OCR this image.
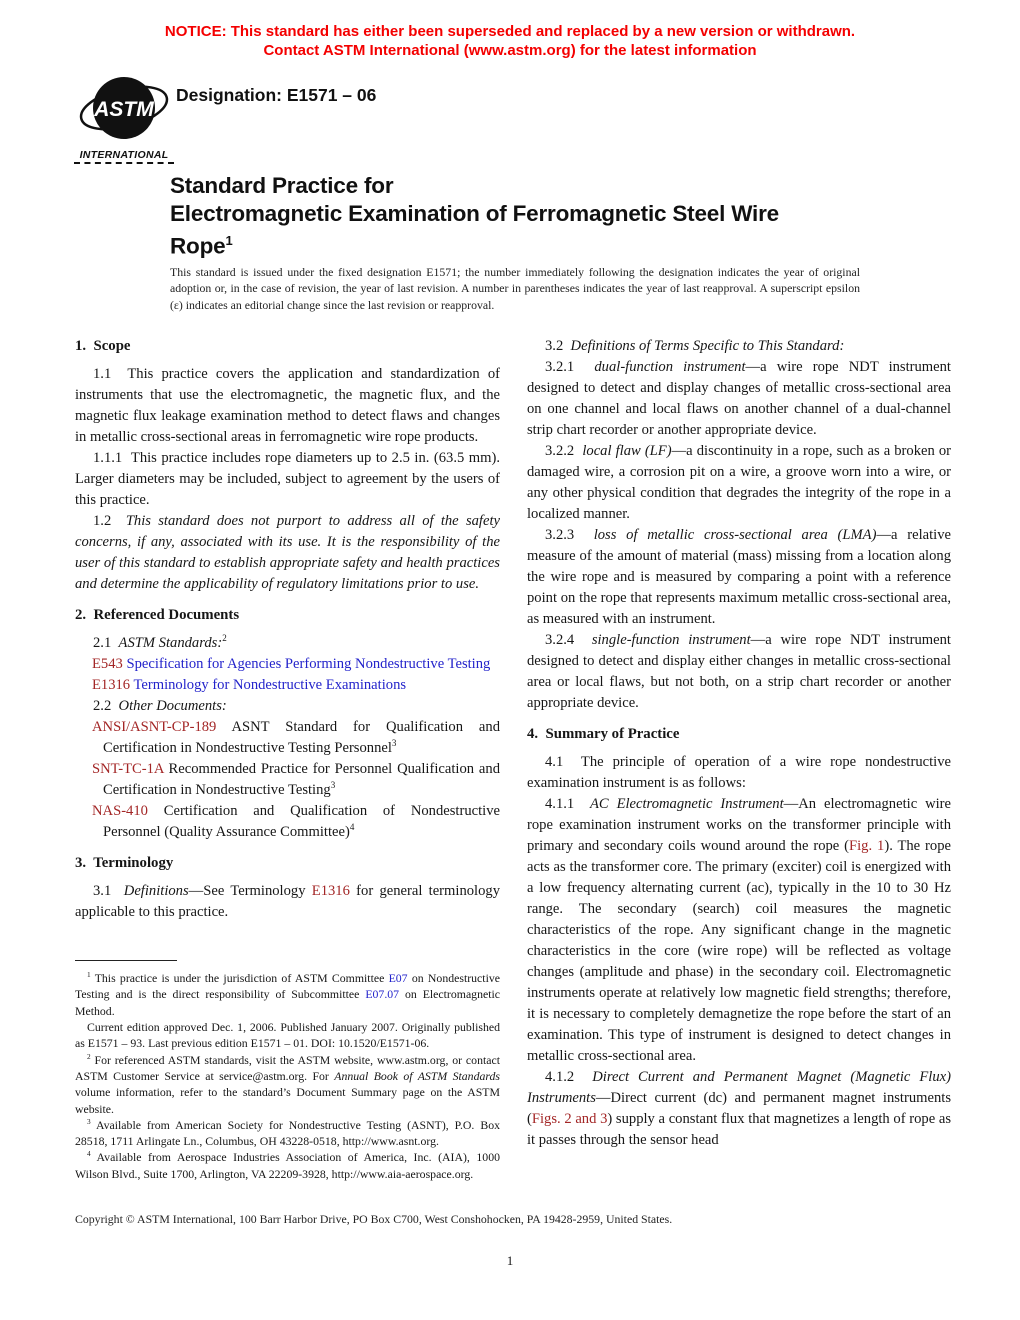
NOTICE: This standard has either been superseded and replaced by a new version or withdrawn.
Contact ASTM International (www.astm.org) for the latest information
ASTM
INTERNATIONAL
Designation: E1571 – 06
Standard Practice for
Electromagnetic Examination of Ferromagnetic Steel Wire
Rope$^1$
This standard is issued under the fixed designation E1571; the number immediately following the designation indicates the year of original adoption or, in the case of revision, the year of last revision. A number in parentheses indicates the year of last reapproval. A superscript epsilon (ε) indicates an editorial change since the last revision or reapproval.
1.  Scope

1.1  This practice covers the application and standardization of instruments that use the electromagnetic, the magnetic flux, and the magnetic flux leakage examination method to detect flaws and changes in metallic cross-sectional areas in ferromagnetic wire rope products.

1.1.1  This practice includes rope diameters up to 2.5 in. (63.5 mm). Larger diameters may be included, subject to agreement by the users of this practice.

1.2  This standard does not purport to address all of the safety concerns, if any, associated with its use. It is the responsibility of the user of this standard to establish appropriate safety and health practices and determine the applicability of regulatory limitations prior to use.

2.  Referenced Documents

2.1  ASTM Standards:$^2$

E543 Specification for Agencies Performing Nondestructive Testing

E1316 Terminology for Nondestructive Examinations

2.2  Other Documents:

ANSI/ASNT-CP-189 ASNT Standard for Qualification and Certification in Nondestructive Testing Personnel$^3$

SNT-TC-1A Recommended Practice for Personnel Qualification and Certification in Nondestructive Testing$^3$

NAS-410 Certification and Qualification of Nondestructive Personnel (Quality Assurance Committee)$^4$

3.  Terminology

3.1  Definitions—See Terminology E1316 for general terminology applicable to this practice.

$^1$ This practice is under the jurisdiction of ASTM Committee E07 on Nondestructive Testing and is the direct responsibility of Subcommittee E07.07 on Electromagnetic Method.

Current edition approved Dec. 1, 2006. Published January 2007. Originally published as E1571 – 93. Last previous edition E1571 – 01. DOI: 10.1520/E1571-06.

$^2$ For referenced ASTM standards, visit the ASTM website, www.astm.org, or contact ASTM Customer Service at service@astm.org. For Annual Book of ASTM Standards volume information, refer to the standard’s Document Summary page on the ASTM website.

$^3$ Available from American Society for Nondestructive Testing (ASNT), P.O. Box 28518, 1711 Arlingate Ln., Columbus, OH 43228-0518, http://www.asnt.org.

$^4$ Available from Aerospace Industries Association of America, Inc. (AIA), 1000 Wilson Blvd., Suite 1700, Arlington, VA 22209-3928, http://www.aia-aerospace.org.

3.2  Definitions of Terms Specific to This Standard:

3.2.1  dual-function instrument—a wire rope NDT instrument designed to detect and display changes of metallic cross-sectional area on one channel and local flaws on another channel of a dual-channel strip chart recorder or another appropriate device.

3.2.2  local flaw (LF)—a discontinuity in a rope, such as a broken or damaged wire, a corrosion pit on a wire, a groove worn into a wire, or any other physical condition that degrades the integrity of the rope in a localized manner.

3.2.3  loss of metallic cross-sectional area (LMA)—a relative measure of the amount of material (mass) missing from a location along the wire rope and is measured by comparing a point with a reference point on the rope that represents maximum metallic cross-sectional area, as measured with an instrument.

3.2.4  single-function instrument—a wire rope NDT instrument designed to detect and display either changes in metallic cross-sectional area or local flaws, but not both, on a strip chart recorder or another appropriate device.

4.  Summary of Practice

4.1  The principle of operation of a wire rope nondestructive examination instrument is as follows:

4.1.1  AC Electromagnetic Instrument—An electromagnetic wire rope examination instrument works on the transformer principle with primary and secondary coils wound around the rope (Fig. 1). The rope acts as the transformer core. The primary (exciter) coil is energized with a low frequency alternating current (ac), typically in the 10 to 30 Hz range. The secondary (search) coil measures the magnetic characteristics of the rope. Any significant change in the magnetic characteristics in the core (wire rope) will be reflected as voltage changes (amplitude and phase) in the secondary coil. Electromagnetic instruments operate at relatively low magnetic field strengths; therefore, it is necessary to completely demagnetize the rope before the start of an examination. This type of instrument is designed to detect changes in metallic cross-sectional area.

4.1.2  Direct Current and Permanent Magnet (Magnetic Flux) Instruments—Direct current (dc) and permanent magnet instruments (Figs. 2 and 3) supply a constant flux that magnetizes a length of rope as it passes through the sensor head

Copyright © ASTM International, 100 Barr Harbor Drive, PO Box C700, West Conshohocken, PA 19428-2959, United States.
1
